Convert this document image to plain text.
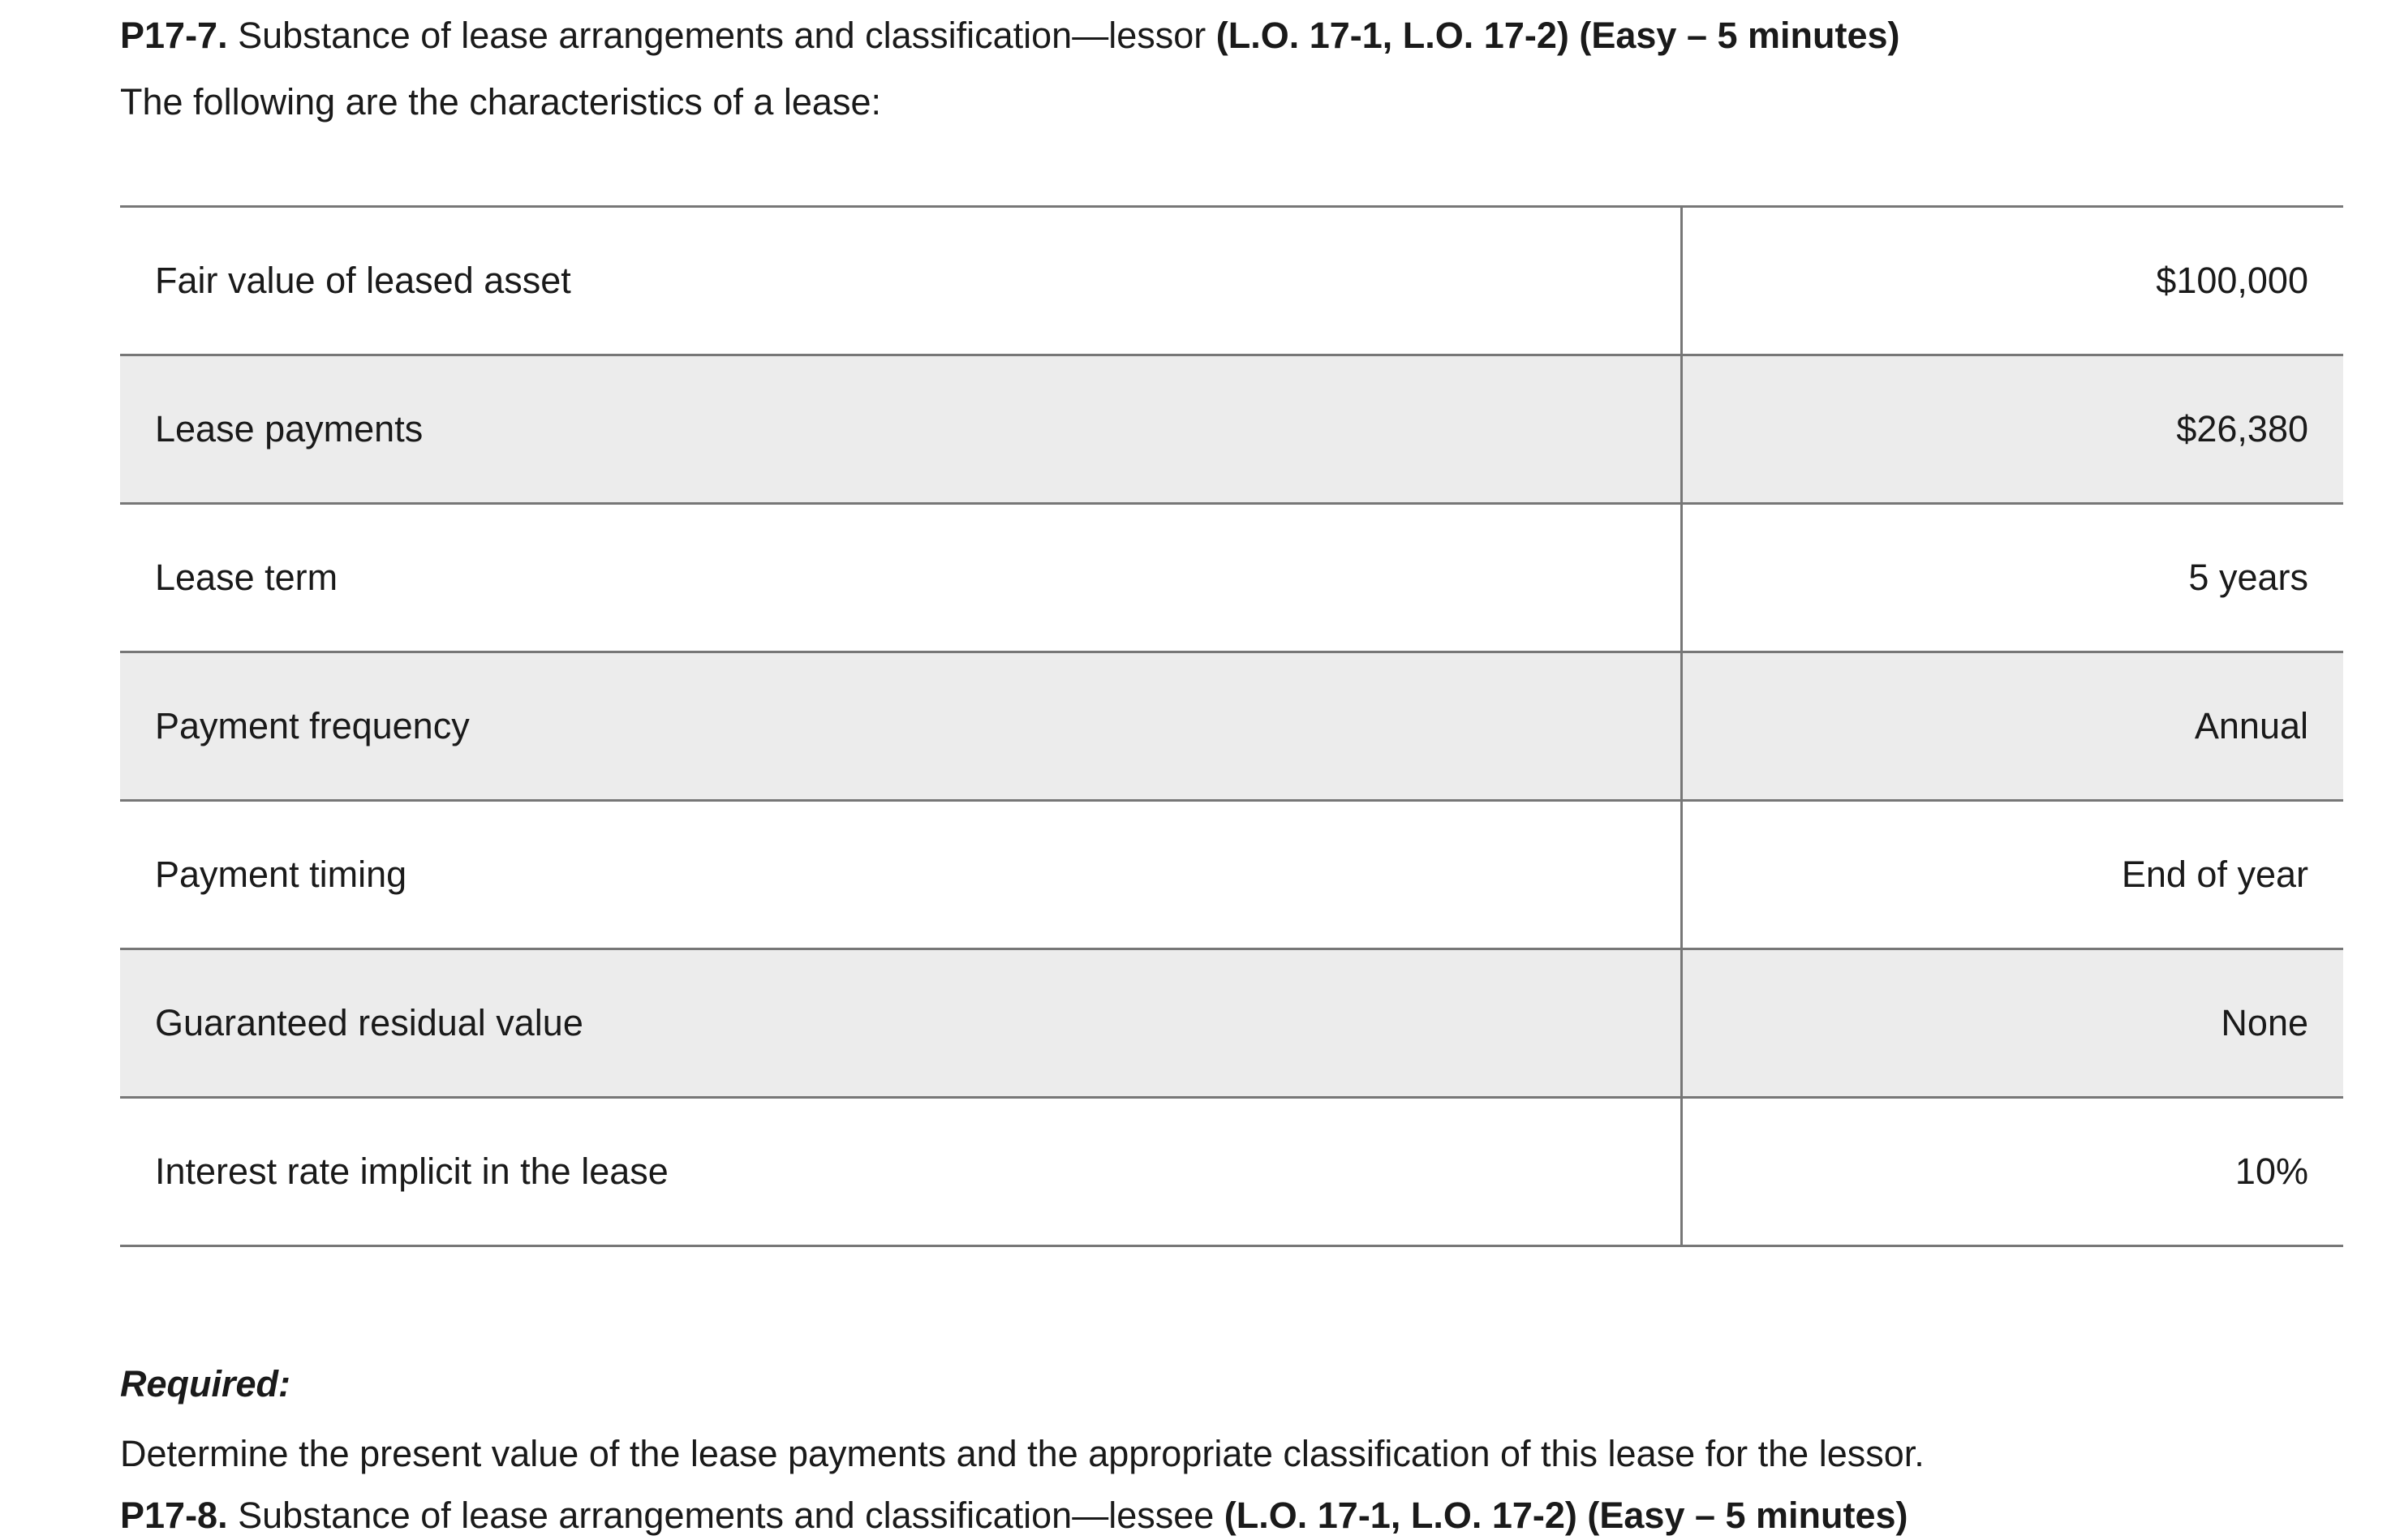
P17-7. Substance of lease arrangements and classification—lessor (L.O. 17-1, L.O. 17-2) (Easy – 5 minutes)
The following are the characteristics of a lease:
Fair value of leased asset	$100,000
Lease payments	$26,380
Lease term	5 years
Payment frequency	Annual
Payment timing	End of year
Guaranteed residual value	None
Interest rate implicit in the lease	10%
Required:
Determine the present value of the lease payments and the appropriate classification of this lease for the lessor.
P17-8. Substance of lease arrangements and classification—lessee (L.O. 17-1, L.O. 17-2) (Easy – 5 minutes)
